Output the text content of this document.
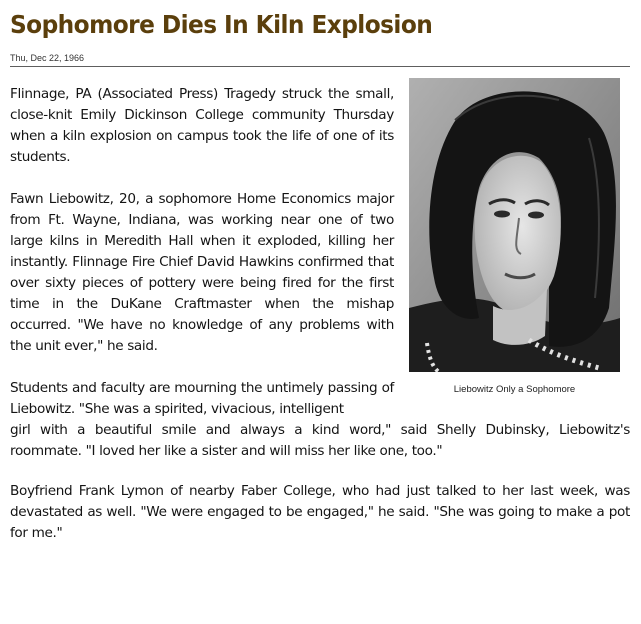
Sophomore Dies In Kiln Explosion
Thu, Dec 22, 1966

Flinnage, PA (Associated Press) Tragedy struck the small, close-knit Emily Dickinson College community Thursday when a kiln explosion on campus took the life of one of its students.

Fawn Liebowitz, 20, a sophomore Home Economics major from Ft. Wayne, Indiana, was working near one of two large kilns in Meredith Hall when it exploded, killing her instantly. Flinnage Fire Chief David Hawkins confirmed that over sixty pieces of pottery were being fired for the first time in the DuKane Craftmaster when the mishap occurred. "We have no knowledge of any problems with the unit ever," he said.

Students and faculty are mourning the untimely passing of Liebowitz. "She was a spirited, vivacious, intelligent

Liebowitz Only a Sophomore

girl with a beautiful smile and always a kind word," said Shelly Dubinsky, Liebowitz's roommate. "I loved her like a sister and will miss her like one, too."

Boyfriend Frank Lymon of nearby Faber College, who had just talked to her last week, was devastated as well. "We were engaged to be engaged," he said. "She was going to make a pot for me."
